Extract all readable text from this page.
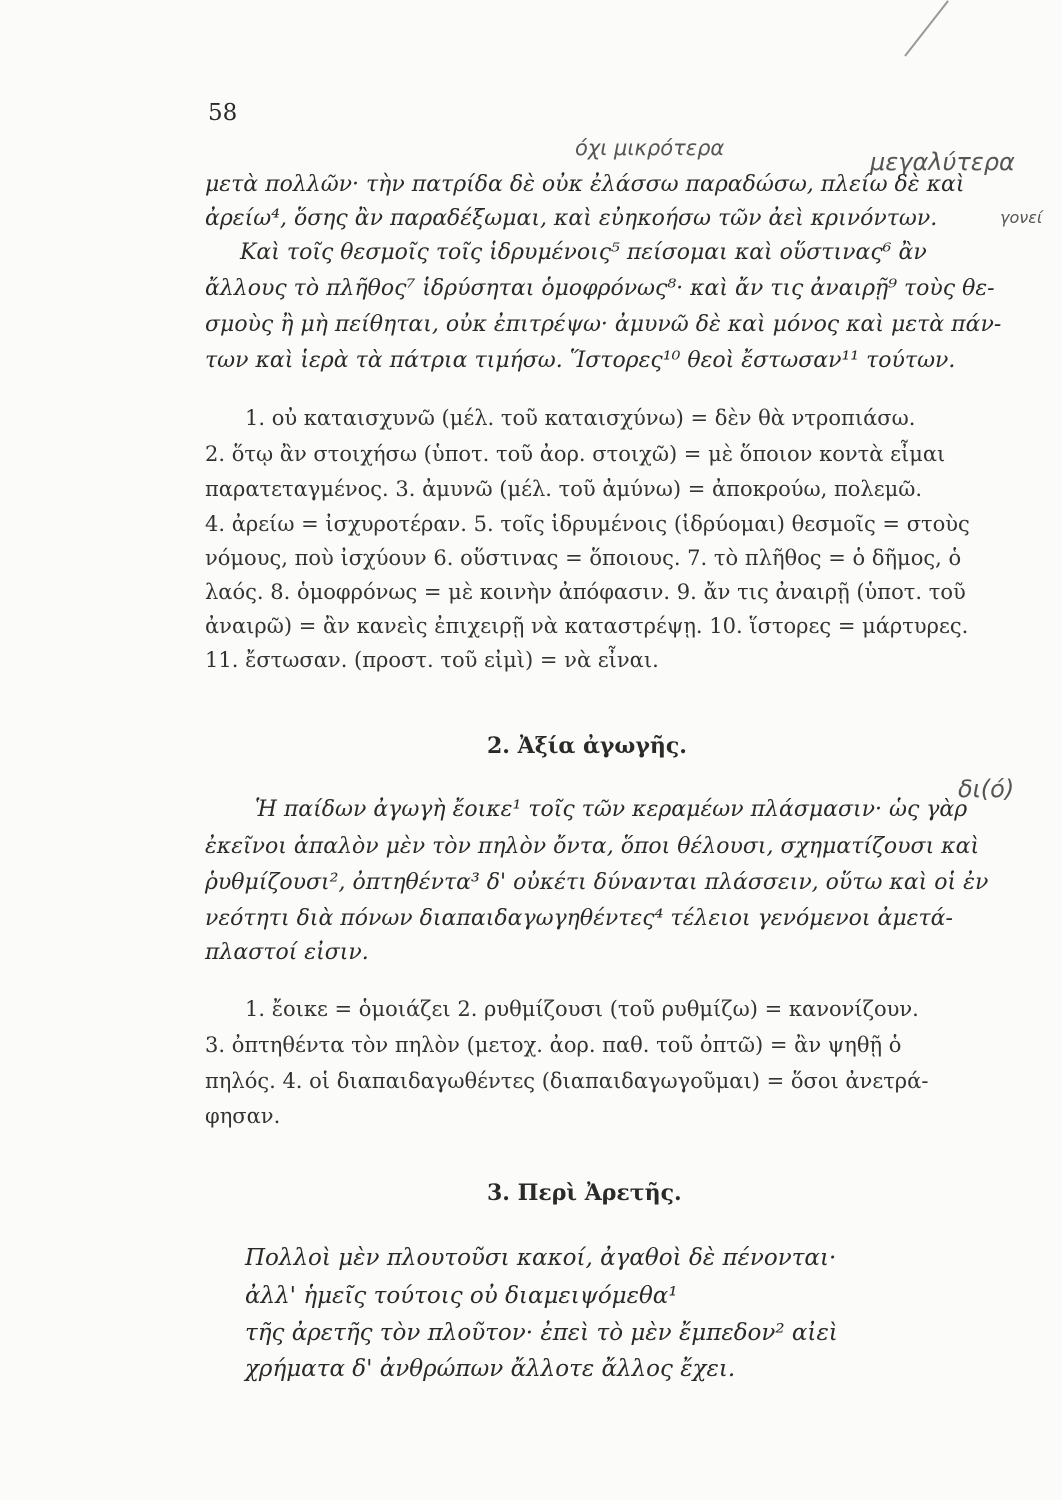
58
όχι μικρότερα	μεγαλύτερα
γονεί
δι(ό)
μετὰ πολλῶν· τὴν πατρίδα δὲ οὐκ ἐλάσσω παραδώσω, πλείω δὲ καὶ
ἀρείω⁴, ὅσης ἂν παραδέξωμαι, καὶ εὐηκοήσω τῶν ἀεὶ κρινόντων.
Καὶ τοῖς θεσμοῖς τοῖς ἱδρυμένοις⁵ πείσομαι καὶ οὕστινας⁶ ἂν
ἄλλους τὸ πλῆθος⁷ ἱδρύσηται ὁμοφρόνως⁸· καὶ ἄν τις ἀναιρῇ⁹ τοὺς θε-
σμοὺς ἢ μὴ πείθηται, οὐκ ἐπιτρέψω· ἀμυνῶ δὲ καὶ μόνος καὶ μετὰ πάν-
των καὶ ἱερὰ τὰ πάτρια τιμήσω. Ἵστορες¹⁰ θεοὶ ἔστωσαν¹¹ τούτων.
1. οὐ καταισχυνῶ (μέλ. τοῦ καταισχύνω) = δὲν θὰ ντροπιάσω.
2. ὅτῳ ἂν στοιχήσω (ὑποτ. τοῦ ἀορ. στοιχῶ) = μὲ ὅποιον κοντὰ εἶμαι
παρατεταγμένος. 3. ἀμυνῶ (μέλ. τοῦ ἀμύνω) = ἀποκρούω, πολεμῶ.
4. ἀρείω = ἰσχυροτέραν. 5. τοῖς ἱδρυμένοις (ἱδρύομαι) θεσμοῖς = στοὺς
νόμους, ποὺ ἰσχύουν 6. οὕστινας = ὅποιους. 7. τὸ πλῆθος = ὁ δῆμος, ὁ
λαός. 8. ὁμοφρόνως = μὲ κοινὴν ἀπόφασιν. 9. ἄν τις ἀναιρῇ (ὑποτ. τοῦ
ἀναιρῶ) = ἂν κανεὶς ἐπιχειρῇ νὰ καταστρέψῃ. 10. ἵστορες = μάρτυρες.
11. ἔστωσαν. (προστ. τοῦ εἰμὶ) = νὰ εἶναι.
2. Ἀξία ἀγωγῆς.
Ἡ παίδων ἀγωγὴ ἔοικε¹ τοῖς τῶν κεραμέων πλάσμασιν· ὡς γὰρ
ἐκεῖνοι ἁπαλὸν μὲν τὸν πηλὸν ὄντα, ὅποι θέλουσι, σχηματίζουσι καὶ
ῥυθμίζουσι², ὀπτηθέντα³ δ' οὐκέτι δύνανται πλάσσειν, οὕτω καὶ οἱ ἐν
νεότητι διὰ πόνων διαπαιδαγωγηθέντες⁴ τέλειοι γενόμενοι ἀμετά-
πλαστοί εἰσιν.
1. ἔοικε = ὁμοιάζει 2. ρυθμίζουσι (τοῦ ρυθμίζω) = κανονίζουν.
3. ὀπτηθέντα τὸν πηλὸν (μετοχ. ἀορ. παθ. τοῦ ὀπτῶ) = ἂν ψηθῇ ὁ
πηλός. 4. οἱ διαπαιδαγωθέντες (διαπαιδαγωγοῦμαι) = ὅσοι ἀνετρά-
φησαν.
3. Περὶ Ἀρετῆς.
Πολλοὶ μὲν πλουτοῦσι κακοί, ἀγαθοὶ δὲ πένονται·
ἀλλ' ἡμεῖς τούτοις οὐ διαμειψόμεθα¹
τῆς ἀρετῆς τὸν πλοῦτον· ἐπεὶ τὸ μὲν ἔμπεδον² αἰεὶ
χρήματα δ' ἀνθρώπων ἄλλοτε ἄλλος ἔχει.
